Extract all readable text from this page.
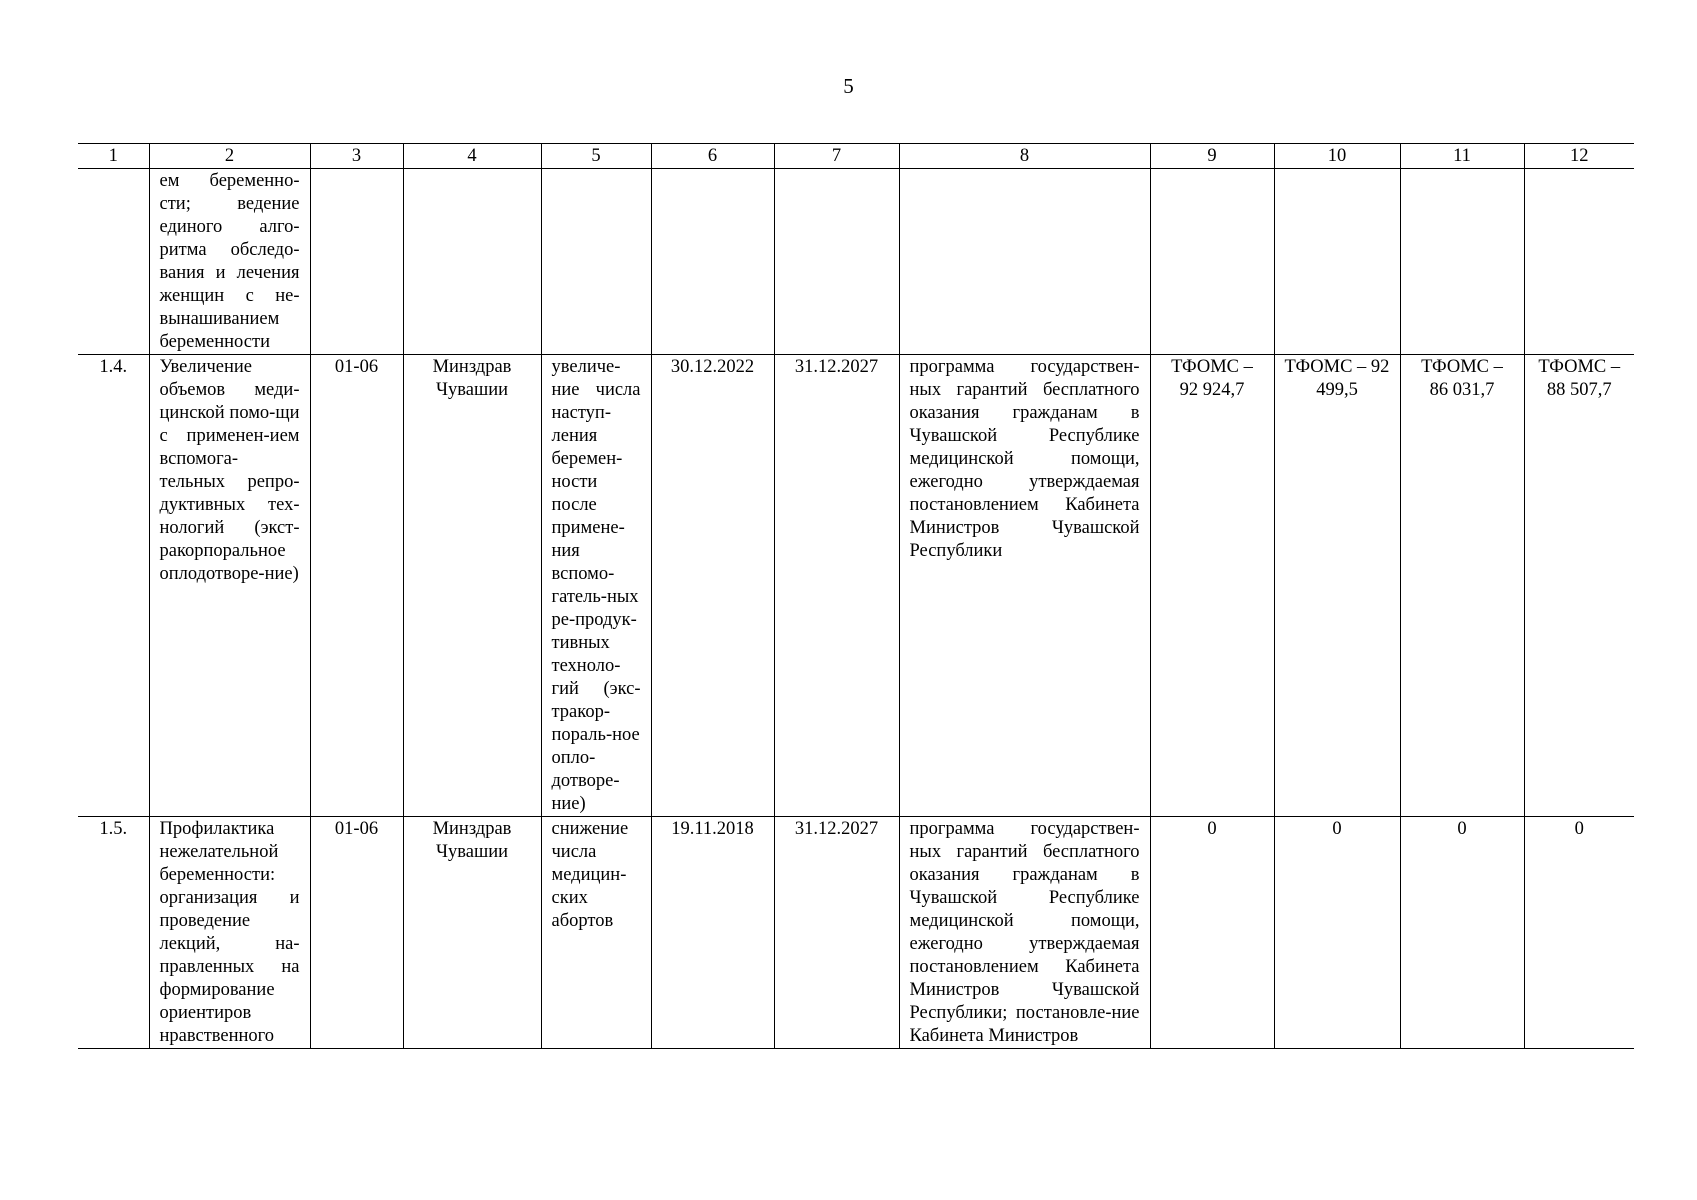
5
1	2	3	4	5	6	7	8	9	10	11	12
	ем беременно-сти; ведение единого алго-ритма обследо-вания и лечения женщин с не-вынашиванием беременности										
1.4.	Увеличение объемов меди-цинской помо-щи с применен-ием вспомога-тельных репро-дуктивных тех-нологий (экст-ракорпоральное оплодотворе-ние)	01-06	Минздрав Чувашии	увеличе-ние числа наступ-ления беремен-ности после примене-ния вспомо-гатель-ных ре-продук-тивных техноло-гий (экс-тракор-пораль-ное опло-дотворе-ние)	30.12.2022	31.12.2027	программа государствен-ных гарантий бесплатного оказания гражданам в Чувашской Республике медицинской помощи, ежегодно утверждаемая постановлением Кабинета Министров Чувашской Республики	ТФОМС – 92 924,7	ТФОМС – 92 499,5	ТФОМС – 86 031,7	ТФОМС – 88 507,7
1.5.	Профилактика нежелательной беременности: организация и проведение лекций, на-правленных на формирование ориентиров нравственного	01-06	Минздрав Чувашии	снижение числа медицин-ских абортов	19.11.2018	31.12.2027	программа государствен-ных гарантий бесплатного оказания гражданам в Чувашской Республике медицинской помощи, ежегодно утверждаемая постановлением Кабинета Министров Чувашской Республики; постановле-ние Кабинета Министров	0	0	0	0
